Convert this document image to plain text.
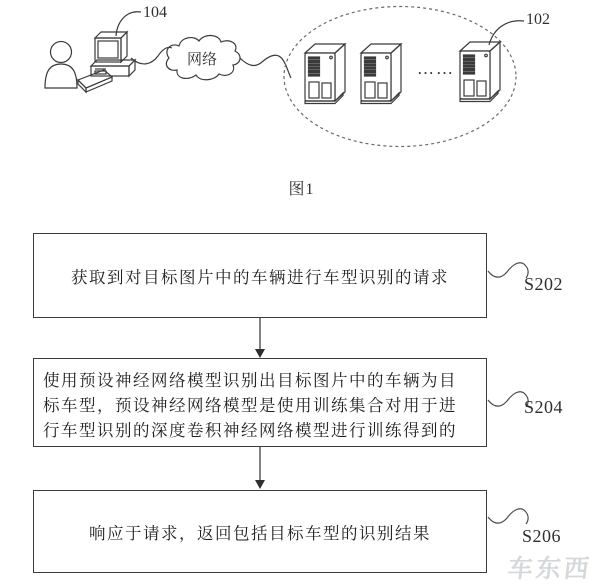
网络	……
104	102
图1
获取到对目标图片中的车辆进行车型识别的请求
使用预设神经网络模型识别出目标图片中的车辆为目
标车型，预设神经网络模型是使用训练集合对用于进
行车型识别的深度卷积神经网络模型进行训练得到的
响应于请求，返回包括目标车型的识别结果
S202
S204
S206
车东西
